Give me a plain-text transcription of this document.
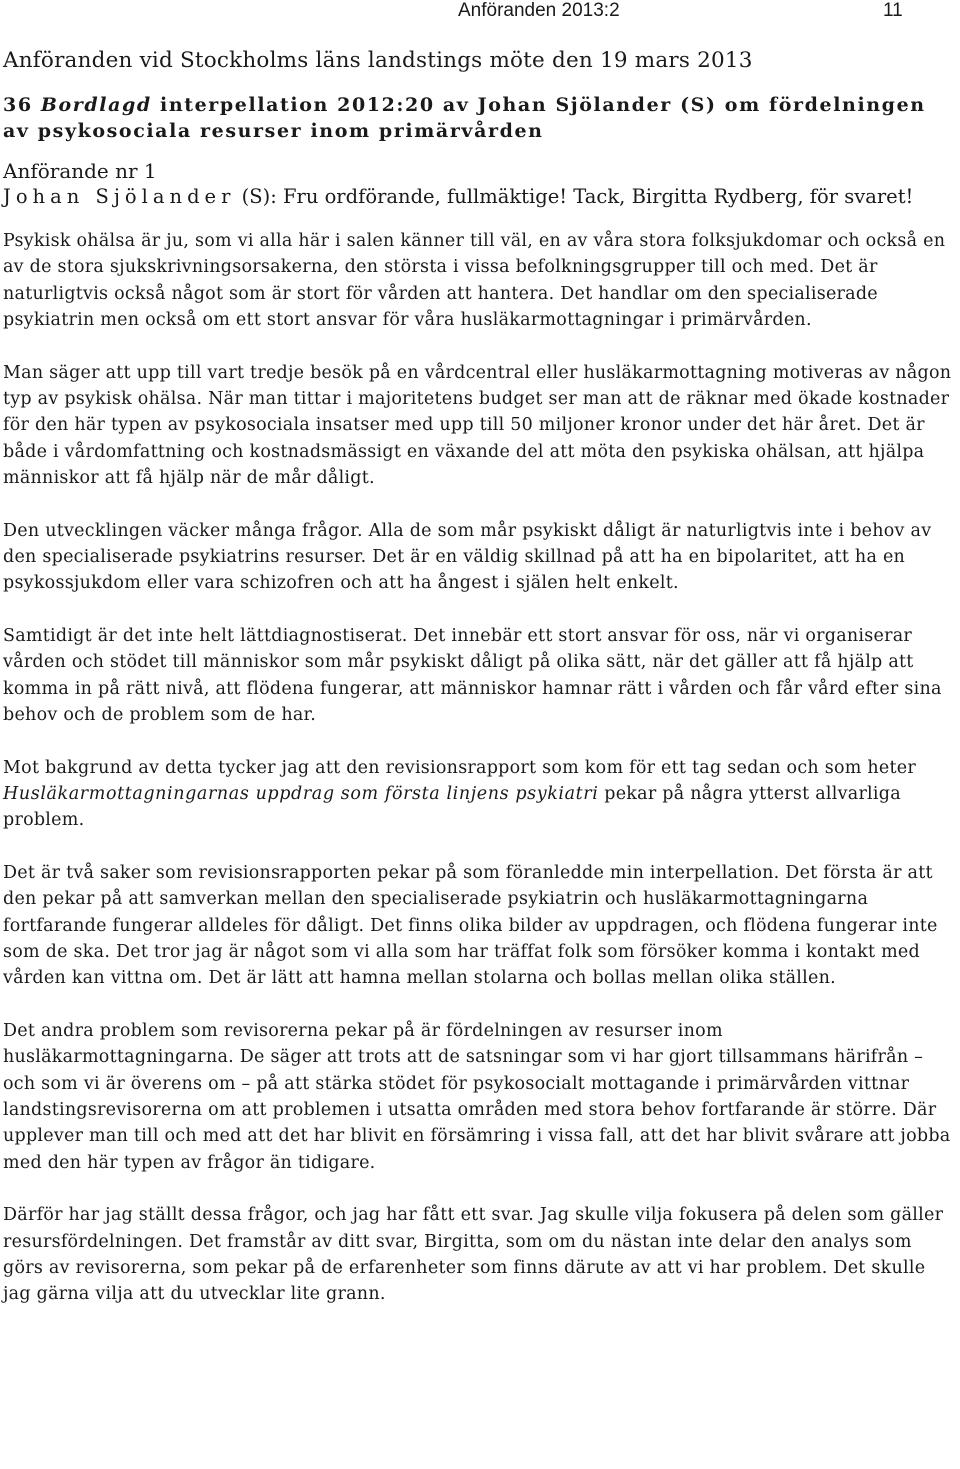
Anföranden 2013:2	11
Anföranden vid Stockholms läns landstings möte den 19 mars 2013
36 Bordlagd interpellation 2012:20 av Johan Sjölander (S) om fördelningen av psykosociala resurser inom primärvården
Anförande nr 1
Johan Sjölander (S): Fru ordförande, fullmäktige! Tack, Birgitta Rydberg, för svaret!

Psykisk ohälsa är ju, som vi alla här i salen känner till väl, en av våra stora folksjukdomar och också en av de stora sjukskrivningsorsakerna, den största i vissa befolkningsgrupper till och med. Det är naturligtvis också något som är stort för vården att hantera. Det handlar om den specialiserade psykiatrin men också om ett stort ansvar för våra husläkarmottagningar i primärvården.

Man säger att upp till vart tredje besök på en vårdcentral eller husläkarmottagning motiveras av någon typ av psykisk ohälsa. När man tittar i majoritetens budget ser man att de räknar med ökade kostnader för den här typen av psykosociala insatser med upp till 50 miljoner kronor under det här året. Det är både i vårdomfattning och kostnadsmässigt en växande del att möta den psykiska ohälsan, att hjälpa människor att få hjälp när de mår dåligt.

Den utvecklingen väcker många frågor. Alla de som mår psykiskt dåligt är naturligtvis inte i behov av den specialiserade psykiatrins resurser. Det är en väldig skillnad på att ha en bipolaritet, att ha en psykossjukdom eller vara schizofren och att ha ångest i själen helt enkelt.

Samtidigt är det inte helt lättdiagnostiserat. Det innebär ett stort ansvar för oss, när vi organiserar vården och stödet till människor som mår psykiskt dåligt på olika sätt, när det gäller att få hjälp att komma in på rätt nivå, att flödena fungerar, att människor hamnar rätt i vården och får vård efter sina behov och de problem som de har.

Mot bakgrund av detta tycker jag att den revisionsrapport som kom för ett tag sedan och som heter Husläkarmottagningarnas uppdrag som första linjens psykiatri pekar på några ytterst allvarliga problem.

Det är två saker som revisionsrapporten pekar på som föranledde min interpellation. Det första är att den pekar på att samverkan mellan den specialiserade psykiatrin och husläkarmottagningarna fortfarande fungerar alldeles för dåligt. Det finns olika bilder av uppdragen, och flödena fungerar inte som de ska. Det tror jag är något som vi alla som har träffat folk som försöker komma i kontakt med vården kan vittna om. Det är lätt att hamna mellan stolarna och bollas mellan olika ställen.

Det andra problem som revisorerna pekar på är fördelningen av resurser inom husläkarmottagningarna. De säger att trots att de satsningar som vi har gjort tillsammans härifrån – och som vi är överens om – på att stärka stödet för psykosocialt mottagande i primärvården vittnar landstingsrevisorerna om att problemen i utsatta områden med stora behov fortfarande är större. Där upplever man till och med att det har blivit en försämring i vissa fall, att det har blivit svårare att jobba med den här typen av frågor än tidigare.

Därför har jag ställt dessa frågor, och jag har fått ett svar. Jag skulle vilja fokusera på delen som gäller resursfördelningen. Det framstår av ditt svar, Birgitta, som om du nästan inte delar den analys som görs av revisorerna, som pekar på de erfarenheter som finns därute av att vi har problem. Det skulle jag gärna vilja att du utvecklar lite grann.
